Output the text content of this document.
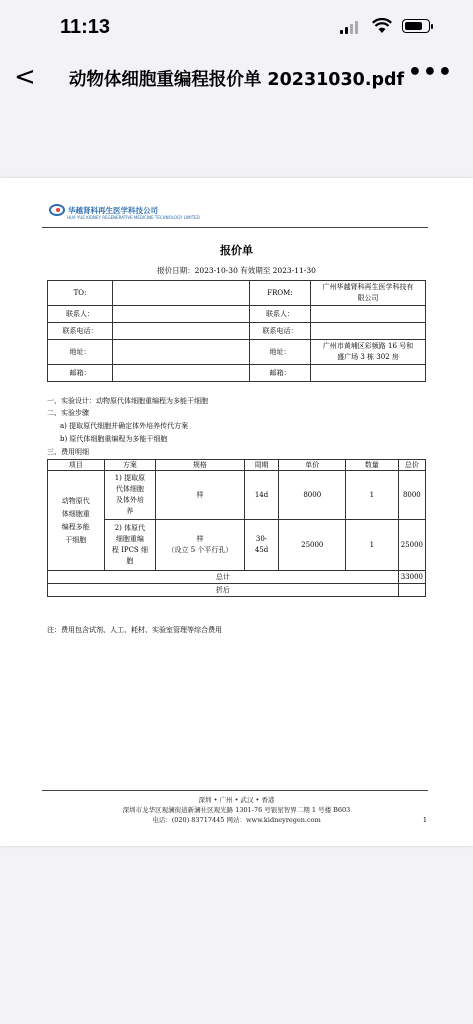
11:13
<	动物体细胞重编程报价单 20231030.pdf •••
华越肾科再生医学科技公司
HUA YUE KIDNEY REGENERATIVE MEDICINE TECHNOLOGY LIMITED
报价单
报价日期：2023-10-30 有效期至 2023-11-30
TO:		FROM:	广州华越肾科再生医学科技有
限公司
联系人：		联系人：	
联系电话：		联系电话：	
地址：		地址：	广州市黄埔区彩频路 16 号和
盛广场 3 栋 302 房
邮箱：		邮箱：	
一、实验设计：动物原代体细胞重编程为多能干细胞
二、实验步骤
a) 提取原代细胞并确定体外培养传代方案
b) 原代体细胞重编程为多能干细胞
三、费用明细
项目	方案	规格	周期	单价	数量	总价
动物原代
体细胞重
编程多能
干细胞	1) 提取原
代体细胞
及体外培
养	样	14d	8000	1	8000
	2) 体原代
细胞重编
程 IPCS 细
胞	样
（设立 5 个平行孔）	30-
45d	25000	1	25000
总计						33000
折后						
注：费用包含试剂、人工、耗材、实验室管理等综合费用
深圳 • 广州 • 武汉 • 香港
深圳市龙华区观澜街道新澜社区观光路 1301-76 号银星智界二期 1 号楼 B603
电话：(020) 83717445 网站：www.kidneyregen.com	1
